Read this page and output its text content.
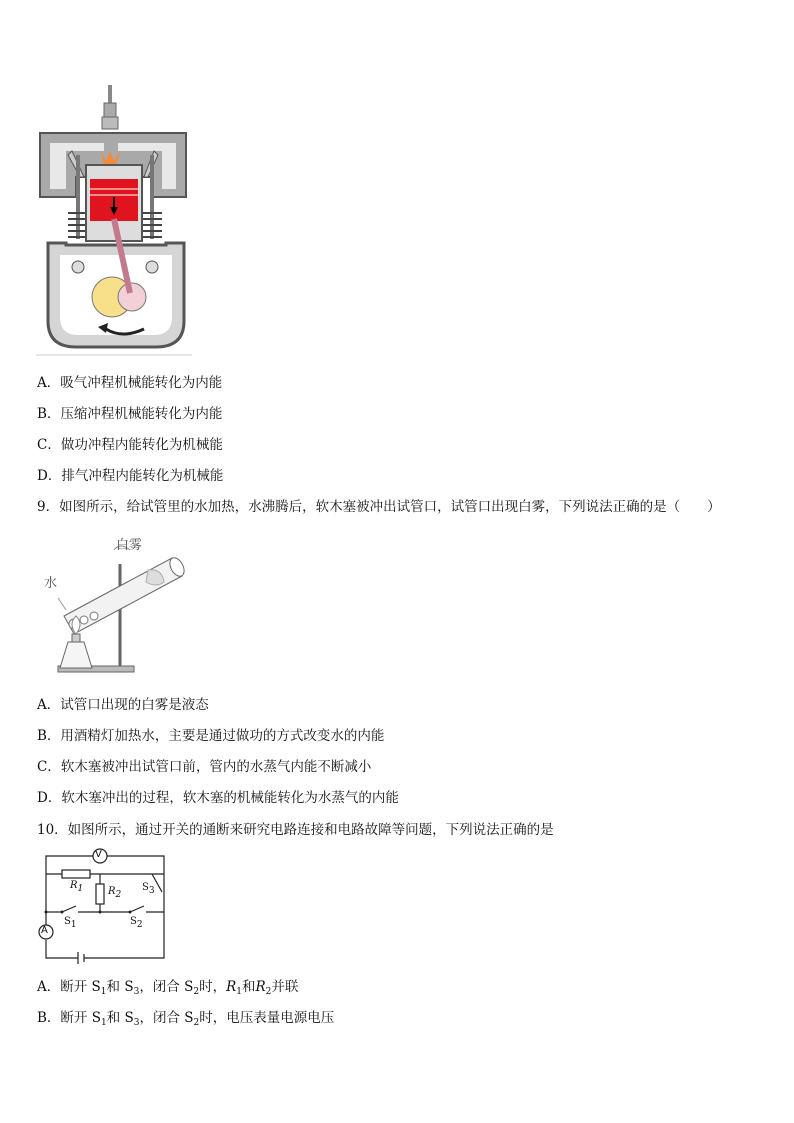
A．吸气冲程机械能转化为内能
B．压缩冲程机械能转化为内能
C．做功冲程内能转化为机械能
D．排气冲程内能转化为机械能
9．如图所示，给试管里的水加热，水沸腾后，软木塞被冲出试管口，试管口出现白雾，下列说法正确的是（　　）
白雾
水
A．试管口出现的白雾是液态
B．用酒精灯加热水，主要是通过做功的方式改变水的内能
C．软木塞被冲出试管口前，管内的水蒸气内能不断减小
D．软木塞冲出的过程，软木塞的机械能转化为水蒸气的内能
10．如图所示，通过开关的通断来研究电路连接和电路故障等问题，下列说法正确的是
V
A
$R_1$ $R_2$
$S_3$
$S_1$	$S_2$
A．断开 $S_1$和 $S_3$，闭合 $S_2$时，$R_1$和$R_2$并联
B．断开 $S_1$和 $S_3$，闭合 $S_2$时，电压表量电源电压
